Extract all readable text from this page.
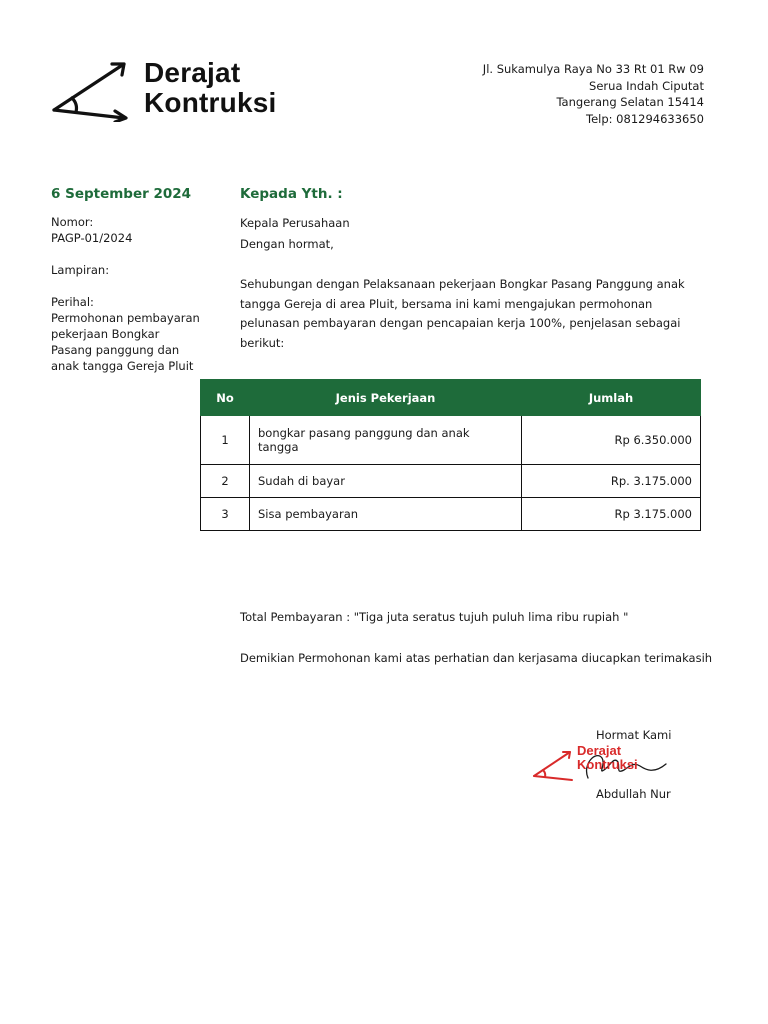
Derajat
Kontruksi
Jl. Sukamulya Raya No 33 Rt 01 Rw 09
Serua Indah Ciputat
Tangerang Selatan 15414
Telp: 081294633650
6 September 2024	Kepada Yth. :
Nomor:
PAGP-01/2024
Lampiran:
Perihal:
Permohonan pembayaran pekerjaan Bongkar Pasang panggung dan anak tangga Gereja Pluit

Kepala Perusahaan

Dengan hormat,

Sehubungan dengan Pelaksanaan pekerjaan Bongkar Pasang Panggung anak tangga Gereja di area Pluit, bersama ini kami mengajukan permohonan pelunasan pembayaran dengan pencapaian kerja 100%, penjelasan sebagai berikut:

No	Jenis Pekerjaan	Jumlah
1	bongkar pasang panggung dan anak tangga	Rp 6.350.000
2	Sudah di bayar	Rp. 3.175.000
3	Sisa pembayaran	Rp 3.175.000
Total Pembayaran : "Tiga juta seratus tujuh puluh lima ribu rupiah "
Demikian Permohonan kami atas perhatian dan kerjasama diucapkan terimakasih
Hormat Kami
Derajat
Kontruksi
Abdullah Nur
